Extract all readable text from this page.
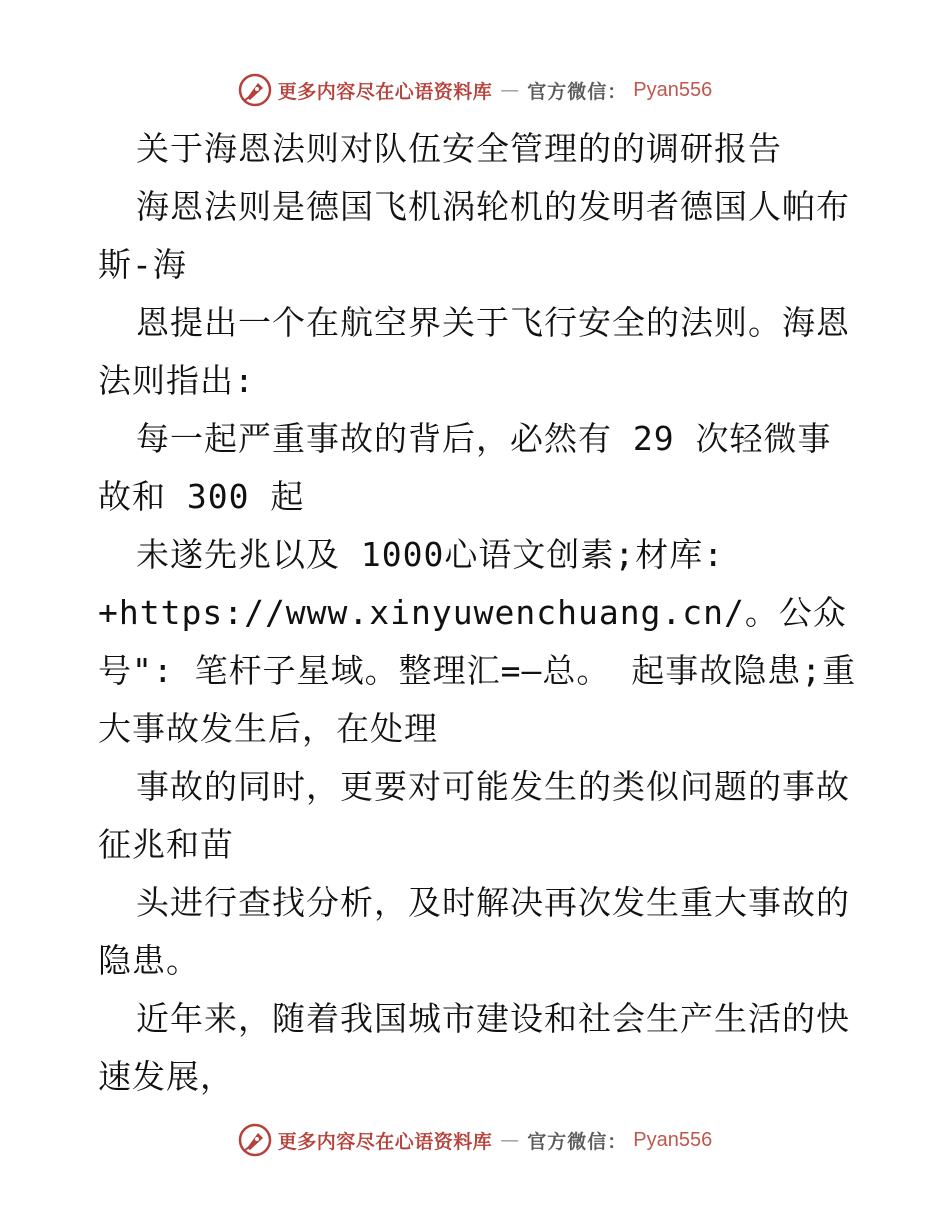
更多内容尽在心语资料库 — 官方微信： Pyan556

关于海恩法则对队伍安全管理的的调研报告

海恩法则是德国飞机涡轮机的发明者德国人帕布斯-海

恩提出一个在航空界关于飞行安全的法则。海恩法则指出:

每一起严重事故的背后，必然有 29 次轻微事故和 300 起

未遂先兆以及 1000心语文创素;材库:

+https://www.xinyuwenchuang.cn/。公众号": 笔杆子星域。整理汇=—总。 起事故隐患;重大事故发生后，在处理

事故的同时，更要对可能发生的类似问题的事故征兆和苗

头进行查找分析，及时解决再次发生重大事故的隐患。

近年来，随着我国城市建设和社会生产生活的快速发展，

更多内容尽在心语资料库 — 官方微信： Pyan556
